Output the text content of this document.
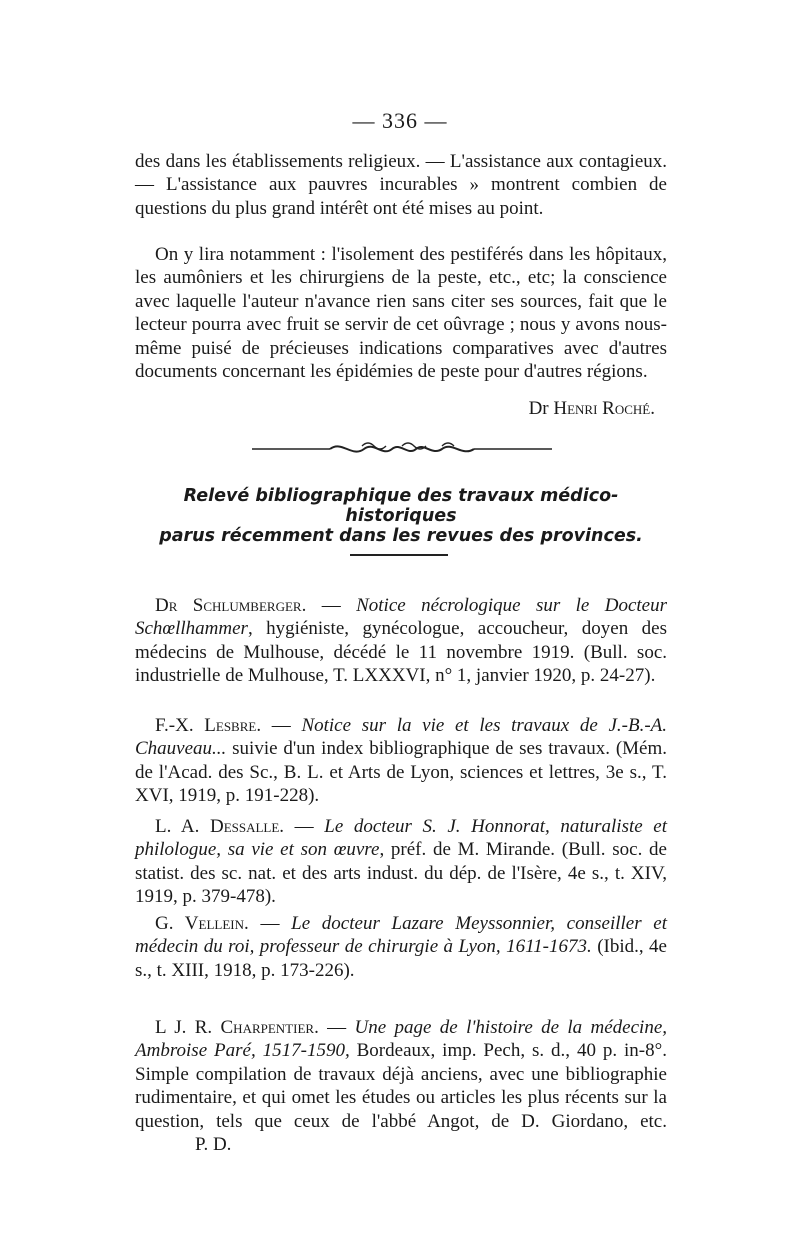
— 336 —

des dans les établissements religieux. — L'assistance aux contagieux. — L'assistance aux pauvres incurables » montrent combien de questions du plus grand intérêt ont été mises au point.

On y lira notamment : l'isolement des pestiférés dans les hôpitaux, les aumôniers et les chirurgiens de la peste, etc., etc; la conscience avec laquelle l'auteur n'avance rien sans citer ses sources, fait que le lecteur pourra avec fruit se servir de cet oûvrage ; nous y avons nous-même puisé de précieuses indications comparatives avec d'autres documents concernant les épidémies de peste pour d'autres régions.

Dr Henri Roché.

Relevé bibliographique des travaux médico-historiques

parus récemment dans les revues des provinces.

Dr Schlumberger. — Notice nécrologique sur le Docteur Schœllhammer, hygiéniste, gynécologue, accoucheur, doyen des médecins de Mulhouse, décédé le 11 novembre 1919. (Bull. soc. industrielle de Mulhouse, T. LXXXVI, n° 1, janvier 1920, p. 24-27).

F.-X. Lesbre. — Notice sur la vie et les travaux de J.-B.-A. Chauveau... suivie d'un index bibliographique de ses travaux. (Mém. de l'Acad. des Sc., B. L. et Arts de Lyon, sciences et lettres, 3e s., T. XVI, 1919, p. 191-228).

L. A. Dessalle. — Le docteur S. J. Honnorat, naturaliste et philologue, sa vie et son œuvre, préf. de M. Mirande. (Bull. soc. de statist. des sc. nat. et des arts indust. du dép. de l'Isère, 4e s., t. XIV, 1919, p. 379-478).

G. Vellein. — Le docteur Lazare Meyssonnier, conseiller et médecin du roi, professeur de chirurgie à Lyon, 1611-1673. (Ibid., 4e s., t. XIII, 1918, p. 173-226).

L J. R. Charpentier. — Une page de l'histoire de la médecine, Ambroise Paré, 1517-1590, Bordeaux, imp. Pech, s. d., 40 p. in-8°. Simple compilation de travaux déjà anciens, avec une bibliographie rudimentaire, et qui omet les études ou articles les plus récents sur la question, tels que ceux de l'abbé Angot, de D. Giordano, etc. P. D.
